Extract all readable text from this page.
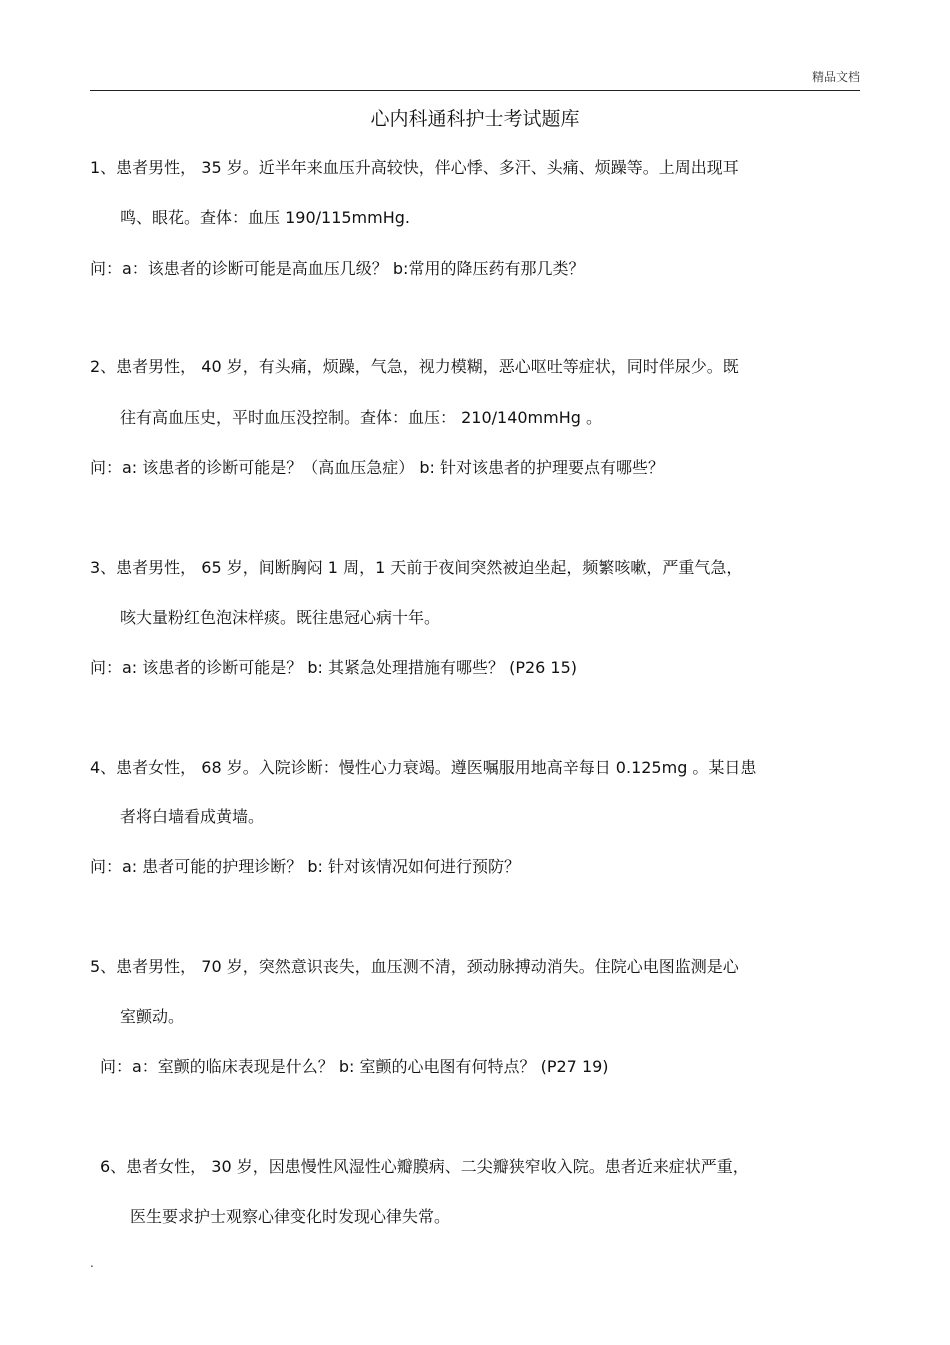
精品文档
心内科通科护士考试题库
1、患者男性， 35 岁。近半年来血压升高较快，伴心悸、多汗、头痛、烦躁等。上周出现耳
鸣、眼花。查体：血压 190/115mmHg.
问：a：该患者的诊断可能是高血压几级？ b:常用的降压药有那几类？
2、患者男性， 40 岁，有头痛，烦躁，气急，视力模糊，恶心呕吐等症状，同时伴尿少。既
往有高血压史，平时血压没控制。查体：血压： 210/140mmHg 。
问：a: 该患者的诊断可能是？（高血压急症） b: 针对该患者的护理要点有哪些？
3、患者男性， 65 岁，间断胸闷 1 周，1 天前于夜间突然被迫坐起，频繁咳嗽，严重气急，
咳大量粉红色泡沫样痰。既往患冠心病十年。
问：a: 该患者的诊断可能是？ b: 其紧急处理措施有哪些？ (P26 15)
4、患者女性， 68 岁。入院诊断：慢性心力衰竭。遵医嘱服用地高辛每日 0.125mg 。某日患
者将白墙看成黄墙。
问：a: 患者可能的护理诊断？ b: 针对该情况如何进行预防？
5、患者男性， 70 岁，突然意识丧失，血压测不清，颈动脉搏动消失。住院心电图监测是心
室颤动。
问：a：室颤的临床表现是什么？ b: 室颤的心电图有何特点？ (P27 19)
6、患者女性， 30 岁，因患慢性风湿性心瓣膜病、二尖瓣狭窄收入院。患者近来症状严重，
医生要求护士观察心律变化时发现心律失常。
.
